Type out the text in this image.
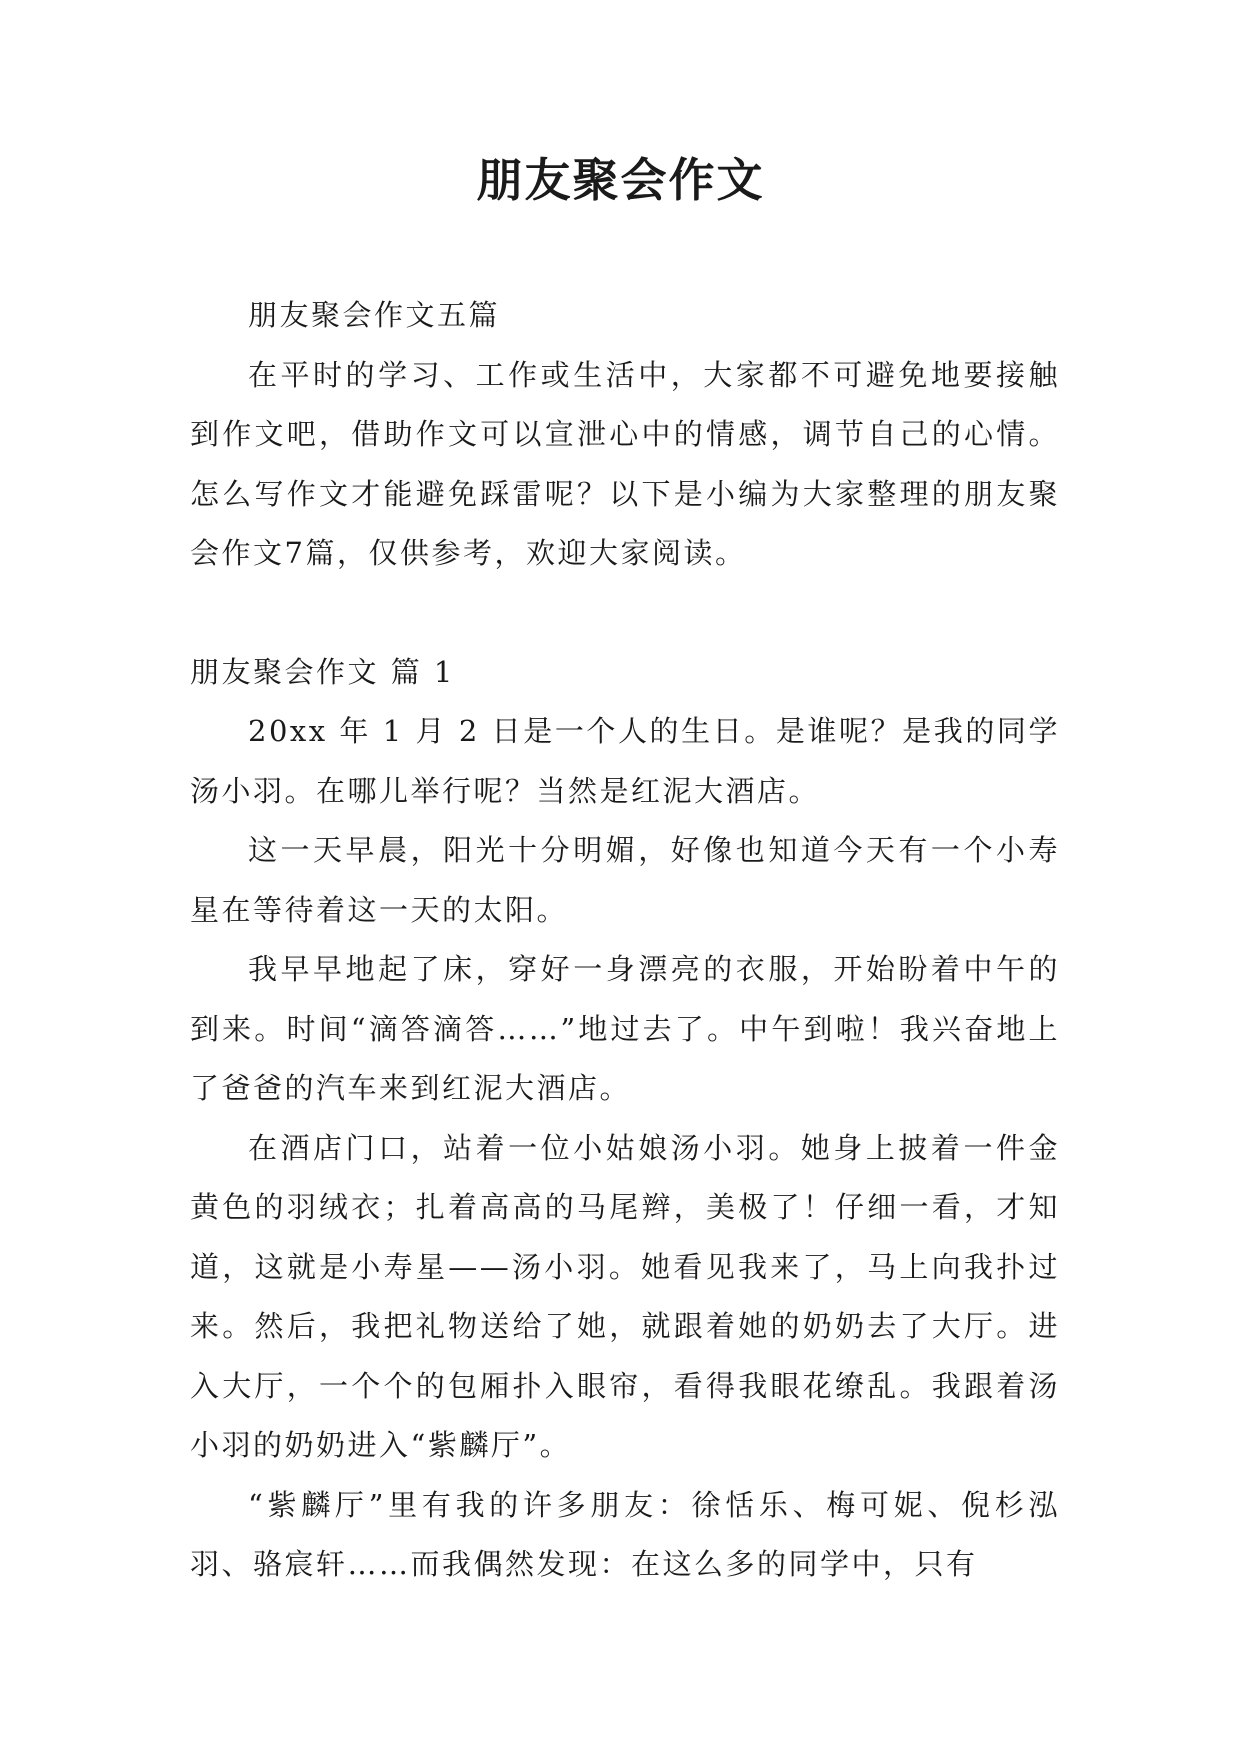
朋友聚会作文

朋友聚会作文五篇

在平时的学习、工作或生活中，大家都不可避免地要接触到作文吧，借助作文可以宣泄心中的情感，调节自己的心情。怎么写作文才能避免踩雷呢？以下是小编为大家整理的朋友聚会作文7篇，仅供参考，欢迎大家阅读。

朋友聚会作文 篇 1

20xx 年 1 月 2 日是一个人的生日。是谁呢？是我的同学汤小羽。在哪儿举行呢？当然是红泥大酒店。

这一天早晨，阳光十分明媚，好像也知道今天有一个小寿星在等待着这一天的太阳。

我早早地起了床，穿好一身漂亮的衣服，开始盼着中午的到来。时间“滴答滴答……”地过去了。中午到啦！我兴奋地上了爸爸的汽车来到红泥大酒店。

在酒店门口，站着一位小姑娘汤小羽。她身上披着一件金黄色的羽绒衣；扎着高高的马尾辫，美极了！仔细一看，才知道，这就是小寿星——汤小羽。她看见我来了，马上向我扑过来。然后，我把礼物送给了她，就跟着她的奶奶去了大厅。进入大厅，一个个的包厢扑入眼帘，看得我眼花缭乱。我跟着汤小羽的奶奶进入“紫麟厅”。

“紫麟厅”里有我的许多朋友：徐恬乐、梅可妮、倪杉泓羽、骆宸轩……而我偶然发现：在这么多的同学中，只有
